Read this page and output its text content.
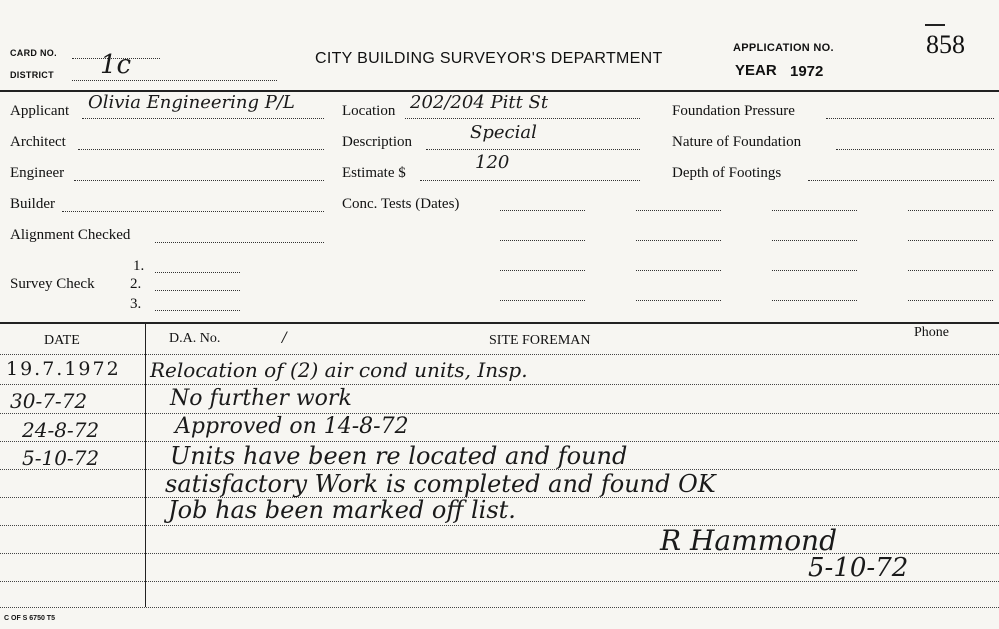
CARD NO.
DISTRICT 1c	CITY BUILDING SURVEYOR'S DEPARTMENT
APPLICATION NO.	858
YEAR 1972
Applicant Olivia Engineering P/L
Architect
Engineer
Builder
Alignment Checked
Survey Check
1.
2.
3.
Location 202/204 Pitt St
Description	Special
Estimate $	120
Conc. Tests (Dates)
Foundation Pressure
Nature of Foundation
Depth of Footings
DATE	D.A. No.	/	SITE FOREMAN
Phone
19.7.1972 Relocation of (2) air cond units, Insp.
30-7-72	No further work
24-8-72	Approved on 14-8-72
5-10-72	Units have been re located and found
satisfactory Work is completed and found OK
Job has been marked off list.
R Hammond
5-10-72
C OF S 6750 T5
